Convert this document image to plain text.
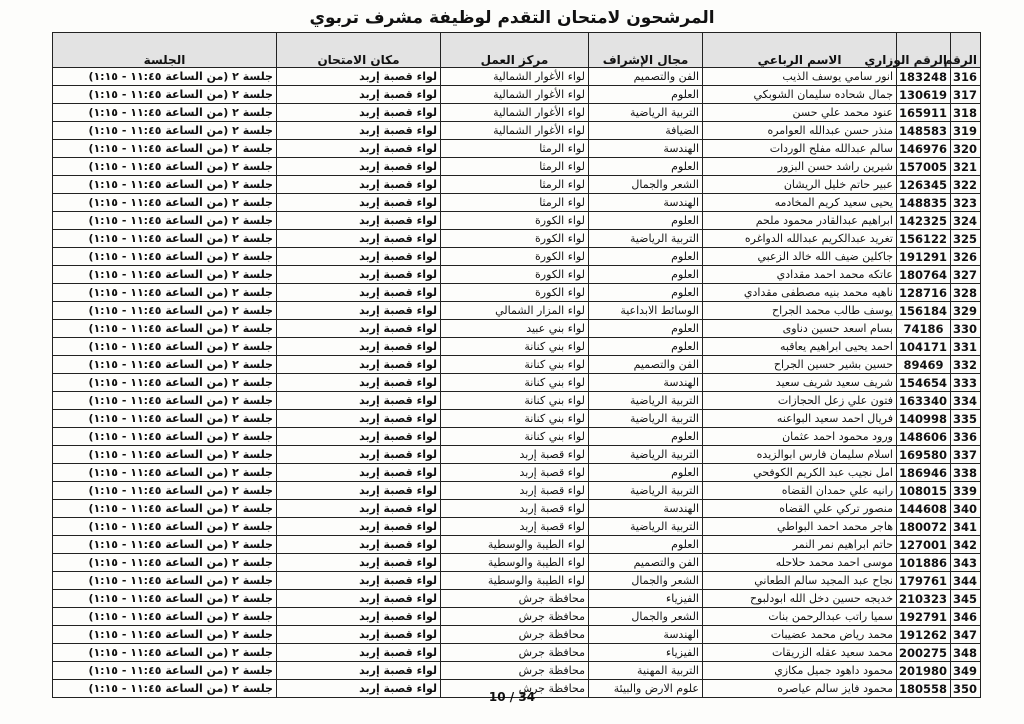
المرشحون لامتحان التقدم لوظيفة مشرف تربوي
الرقم	الرقم الوزاري	الاسم الرباعي	مجال الإشراف	مركز العمل	مكان الامتحان	الجلسة
316	183248	انور سامي يوسف الذيب	الفن والتصميم	لواء الأغوار الشمالية	لواء قصبة إربد	جلسة ٢ (من الساعة ١١:٤٥ - ١:١٥)
317	130619	جمال شحاده سليمان الشوبكي	العلوم	لواء الأغوار الشمالية	لواء قصبة إربد	جلسة ٢ (من الساعة ١١:٤٥ - ١:١٥)
318	165911	عنود محمد علي حسن	التربية الرياضية	لواء الأغوار الشمالية	لواء قصبة إربد	جلسة ٢ (من الساعة ١١:٤٥ - ١:١٥)
319	148583	منذر حسن عبدالله العوامره	الضيافة	لواء الأغوار الشمالية	لواء قصبة إربد	جلسة ٢ (من الساعة ١١:٤٥ - ١:١٥)
320	146976	سالم عبدالله مفلح الوردات	الهندسة	لواء الرمثا	لواء قصبة إربد	جلسة ٢ (من الساعة ١١:٤٥ - ١:١٥)
321	157005	شيرين راشد حسن البزور	العلوم	لواء الرمثا	لواء قصبة إربد	جلسة ٢ (من الساعة ١١:٤٥ - ١:١٥)
322	126345	عبير حاتم خليل الريشان	الشعر والجمال	لواء الرمثا	لواء قصبة إربد	جلسة ٢ (من الساعة ١١:٤٥ - ١:١٥)
323	148835	يحيى سعيد كريم المخادمه	الهندسة	لواء الرمثا	لواء قصبة إربد	جلسة ٢ (من الساعة ١١:٤٥ - ١:١٥)
324	142325	ابراهيم عبدالقادر محمود ملحم	العلوم	لواء الكورة	لواء قصبة إربد	جلسة ٢ (من الساعة ١١:٤٥ - ١:١٥)
325	156122	تغريد عبدالكريم عبدالله الدواغره	التربية الرياضية	لواء الكورة	لواء قصبة إربد	جلسة ٢ (من الساعة ١١:٤٥ - ١:١٥)
326	191291	جاكلين ضيف الله خالد الزعبي	العلوم	لواء الكورة	لواء قصبة إربد	جلسة ٢ (من الساعة ١١:٤٥ - ١:١٥)
327	180764	عاتكه محمد احمد مقدادي	العلوم	لواء الكورة	لواء قصبة إربد	جلسة ٢ (من الساعة ١١:٤٥ - ١:١٥)
328	128716	ناهيه محمد بنيه مصطفى مقدادي	العلوم	لواء الكورة	لواء قصبة إربد	جلسة ٢ (من الساعة ١١:٤٥ - ١:١٥)
329	156184	يوسف طالب محمد الجراح	الوسائط الابداعية	لواء المزار الشمالي	لواء قصبة إربد	جلسة ٢ (من الساعة ١١:٤٥ - ١:١٥)
330	74186	بسام اسعد حسين دناوى	العلوم	لواء بني عبيد	لواء قصبة إربد	جلسة ٢ (من الساعة ١١:٤٥ - ١:١٥)
331	104171	احمد يحيى ابراهيم يعاقبه	العلوم	لواء بني كنانة	لواء قصبة إربد	جلسة ٢ (من الساعة ١١:٤٥ - ١:١٥)
332	89469	حسين بشير حسين الجراح	الفن والتصميم	لواء بني كنانة	لواء قصبة إربد	جلسة ٢ (من الساعة ١١:٤٥ - ١:١٥)
333	154654	شريف سعيد شريف سعيد	الهندسة	لواء بني كنانة	لواء قصبة إربد	جلسة ٢ (من الساعة ١١:٤٥ - ١:١٥)
334	163340	فتون علي زعل الحجازات	التربية الرياضية	لواء بني كنانة	لواء قصبة إربد	جلسة ٢ (من الساعة ١١:٤٥ - ١:١٥)
335	140998	فريال احمد سعيد البواعنه	التربية الرياضية	لواء بني كنانة	لواء قصبة إربد	جلسة ٢ (من الساعة ١١:٤٥ - ١:١٥)
336	148606	ورود محمود احمد عثمان	العلوم	لواء بني كنانة	لواء قصبة إربد	جلسة ٢ (من الساعة ١١:٤٥ - ١:١٥)
337	169580	اسلام سليمان فارس ابوالزيده	التربية الرياضية	لواء قصبة إربد	لواء قصبة إربد	جلسة ٢ (من الساعة ١١:٤٥ - ١:١٥)
338	186946	امل نجيب عبد الكريم الكوفحي	العلوم	لواء قصبة إربد	لواء قصبة إربد	جلسة ٢ (من الساعة ١١:٤٥ - ١:١٥)
339	108015	رانيه علي حمدان القضاه	التربية الرياضية	لواء قصبة إربد	لواء قصبة إربد	جلسة ٢ (من الساعة ١١:٤٥ - ١:١٥)
340	144608	منصور تركي علي القضاه	الهندسة	لواء قصبة إربد	لواء قصبة إربد	جلسة ٢ (من الساعة ١١:٤٥ - ١:١٥)
341	180072	هاجر محمد احمد البواطي	التربية الرياضية	لواء قصبة إربد	لواء قصبة إربد	جلسة ٢ (من الساعة ١١:٤٥ - ١:١٥)
342	127001	حاتم ابراهيم نمر النمر	العلوم	لواء الطيبة والوسطية	لواء قصبة إربد	جلسة ٢ (من الساعة ١١:٤٥ - ١:١٥)
343	101886	موسى احمد محمد حلاحله	الفن والتصميم	لواء الطيبة والوسطية	لواء قصبة إربد	جلسة ٢ (من الساعة ١١:٤٥ - ١:١٥)
344	179761	نجاح عبد المجيد سالم الطعاني	الشعر والجمال	لواء الطيبة والوسطية	لواء قصبة إربد	جلسة ٢ (من الساعة ١١:٤٥ - ١:١٥)
345	210323	خديجه حسين دخل الله ابودلبوح	الفيزياء	محافظة جرش	لواء قصبة إربد	جلسة ٢ (من الساعة ١١:٤٥ - ١:١٥)
346	192791	سميا راتب عبدالرحمن بنات	الشعر والجمال	محافظة جرش	لواء قصبة إربد	جلسة ٢ (من الساعة ١١:٤٥ - ١:١٥)
347	191262	محمد رياض محمد عضيبات	الهندسة	محافظة جرش	لواء قصبة إربد	جلسة ٢ (من الساعة ١١:٤٥ - ١:١٥)
348	200275	محمد سعيد عقله الزريقات	الفيزياء	محافظة جرش	لواء قصبة إربد	جلسة ٢ (من الساعة ١١:٤٥ - ١:١٥)
349	201980	محمود داهود جميل مكازي	التربية المهنية	محافظة جرش	لواء قصبة إربد	جلسة ٢ (من الساعة ١١:٤٥ - ١:١٥)
350	180558	محمود فايز سالم عياصره	علوم الارض والبيئة	محافظة جرش	لواء قصبة إربد	جلسة ٢ (من الساعة ١١:٤٥ - ١:١٥)
10 / 34
